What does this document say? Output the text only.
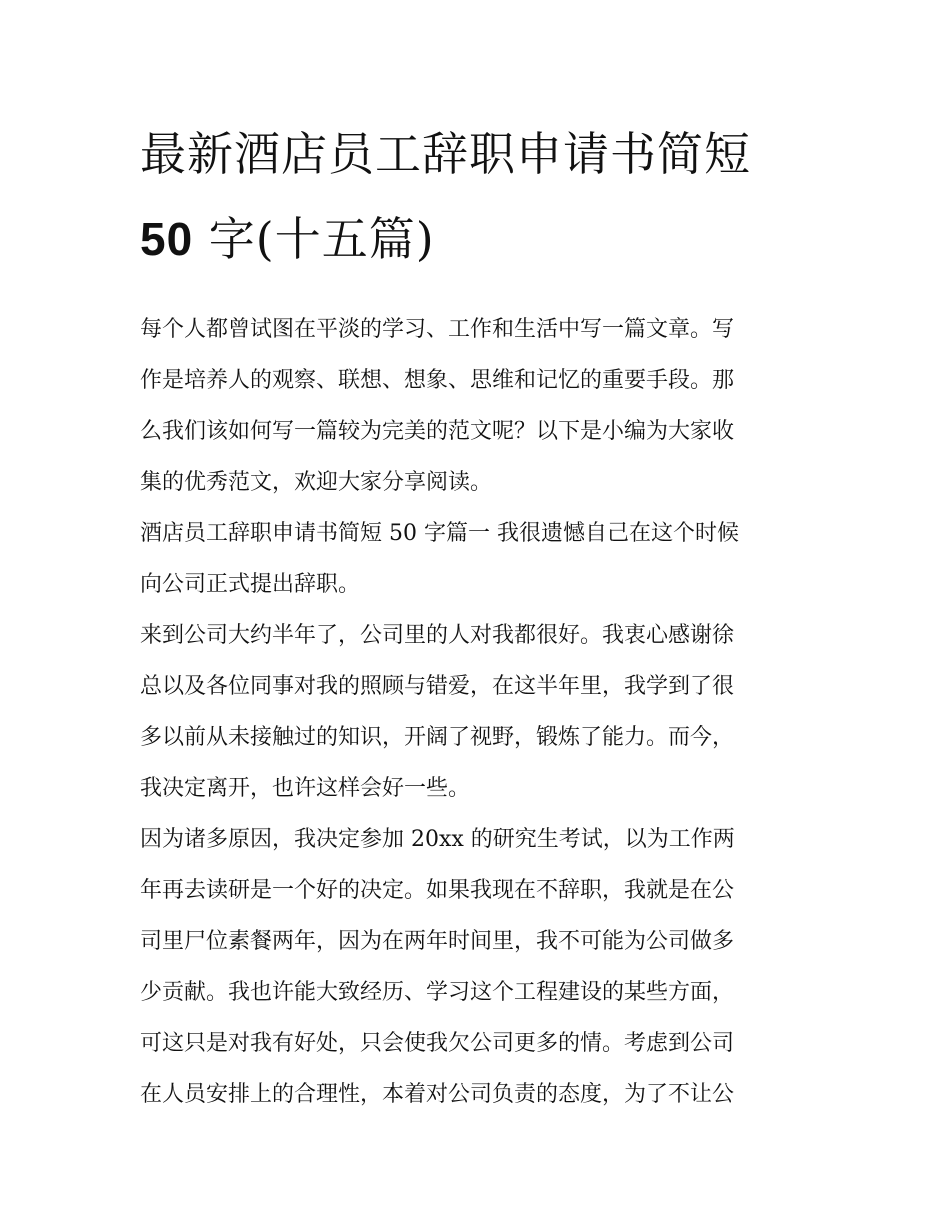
最新酒店员工辞职申请书简短
50 字(十五篇)

每个人都曾试图在平淡的学习、工作和生活中写一篇文章。写
作是培养人的观察、联想、想象、思维和记忆的重要手段。那
么我们该如何写一篇较为完美的范文呢？以下是小编为大家收
集的优秀范文，欢迎大家分享阅读。

酒店员工辞职申请书简短 50 字篇一 我很遗憾自己在这个时候
向公司正式提出辞职。

来到公司大约半年了，公司里的人对我都很好。我衷心感谢徐
总以及各位同事对我的照顾与错爱，在这半年里，我学到了很
多以前从未接触过的知识，开阔了视野，锻炼了能力。而今，
我决定离开，也许这样会好一些。

因为诸多原因，我决定参加 20xx 的研究生考试，以为工作两
年再去读研是一个好的决定。如果我现在不辞职，我就是在公
司里尸位素餐两年，因为在两年时间里，我不可能为公司做多
少贡献。我也许能大致经历、学习这个工程建设的某些方面，
可这只是对我有好处，只会使我欠公司更多的情。考虑到公司
在人员安排上的合理性，本着对公司负责的态度，为了不让公
